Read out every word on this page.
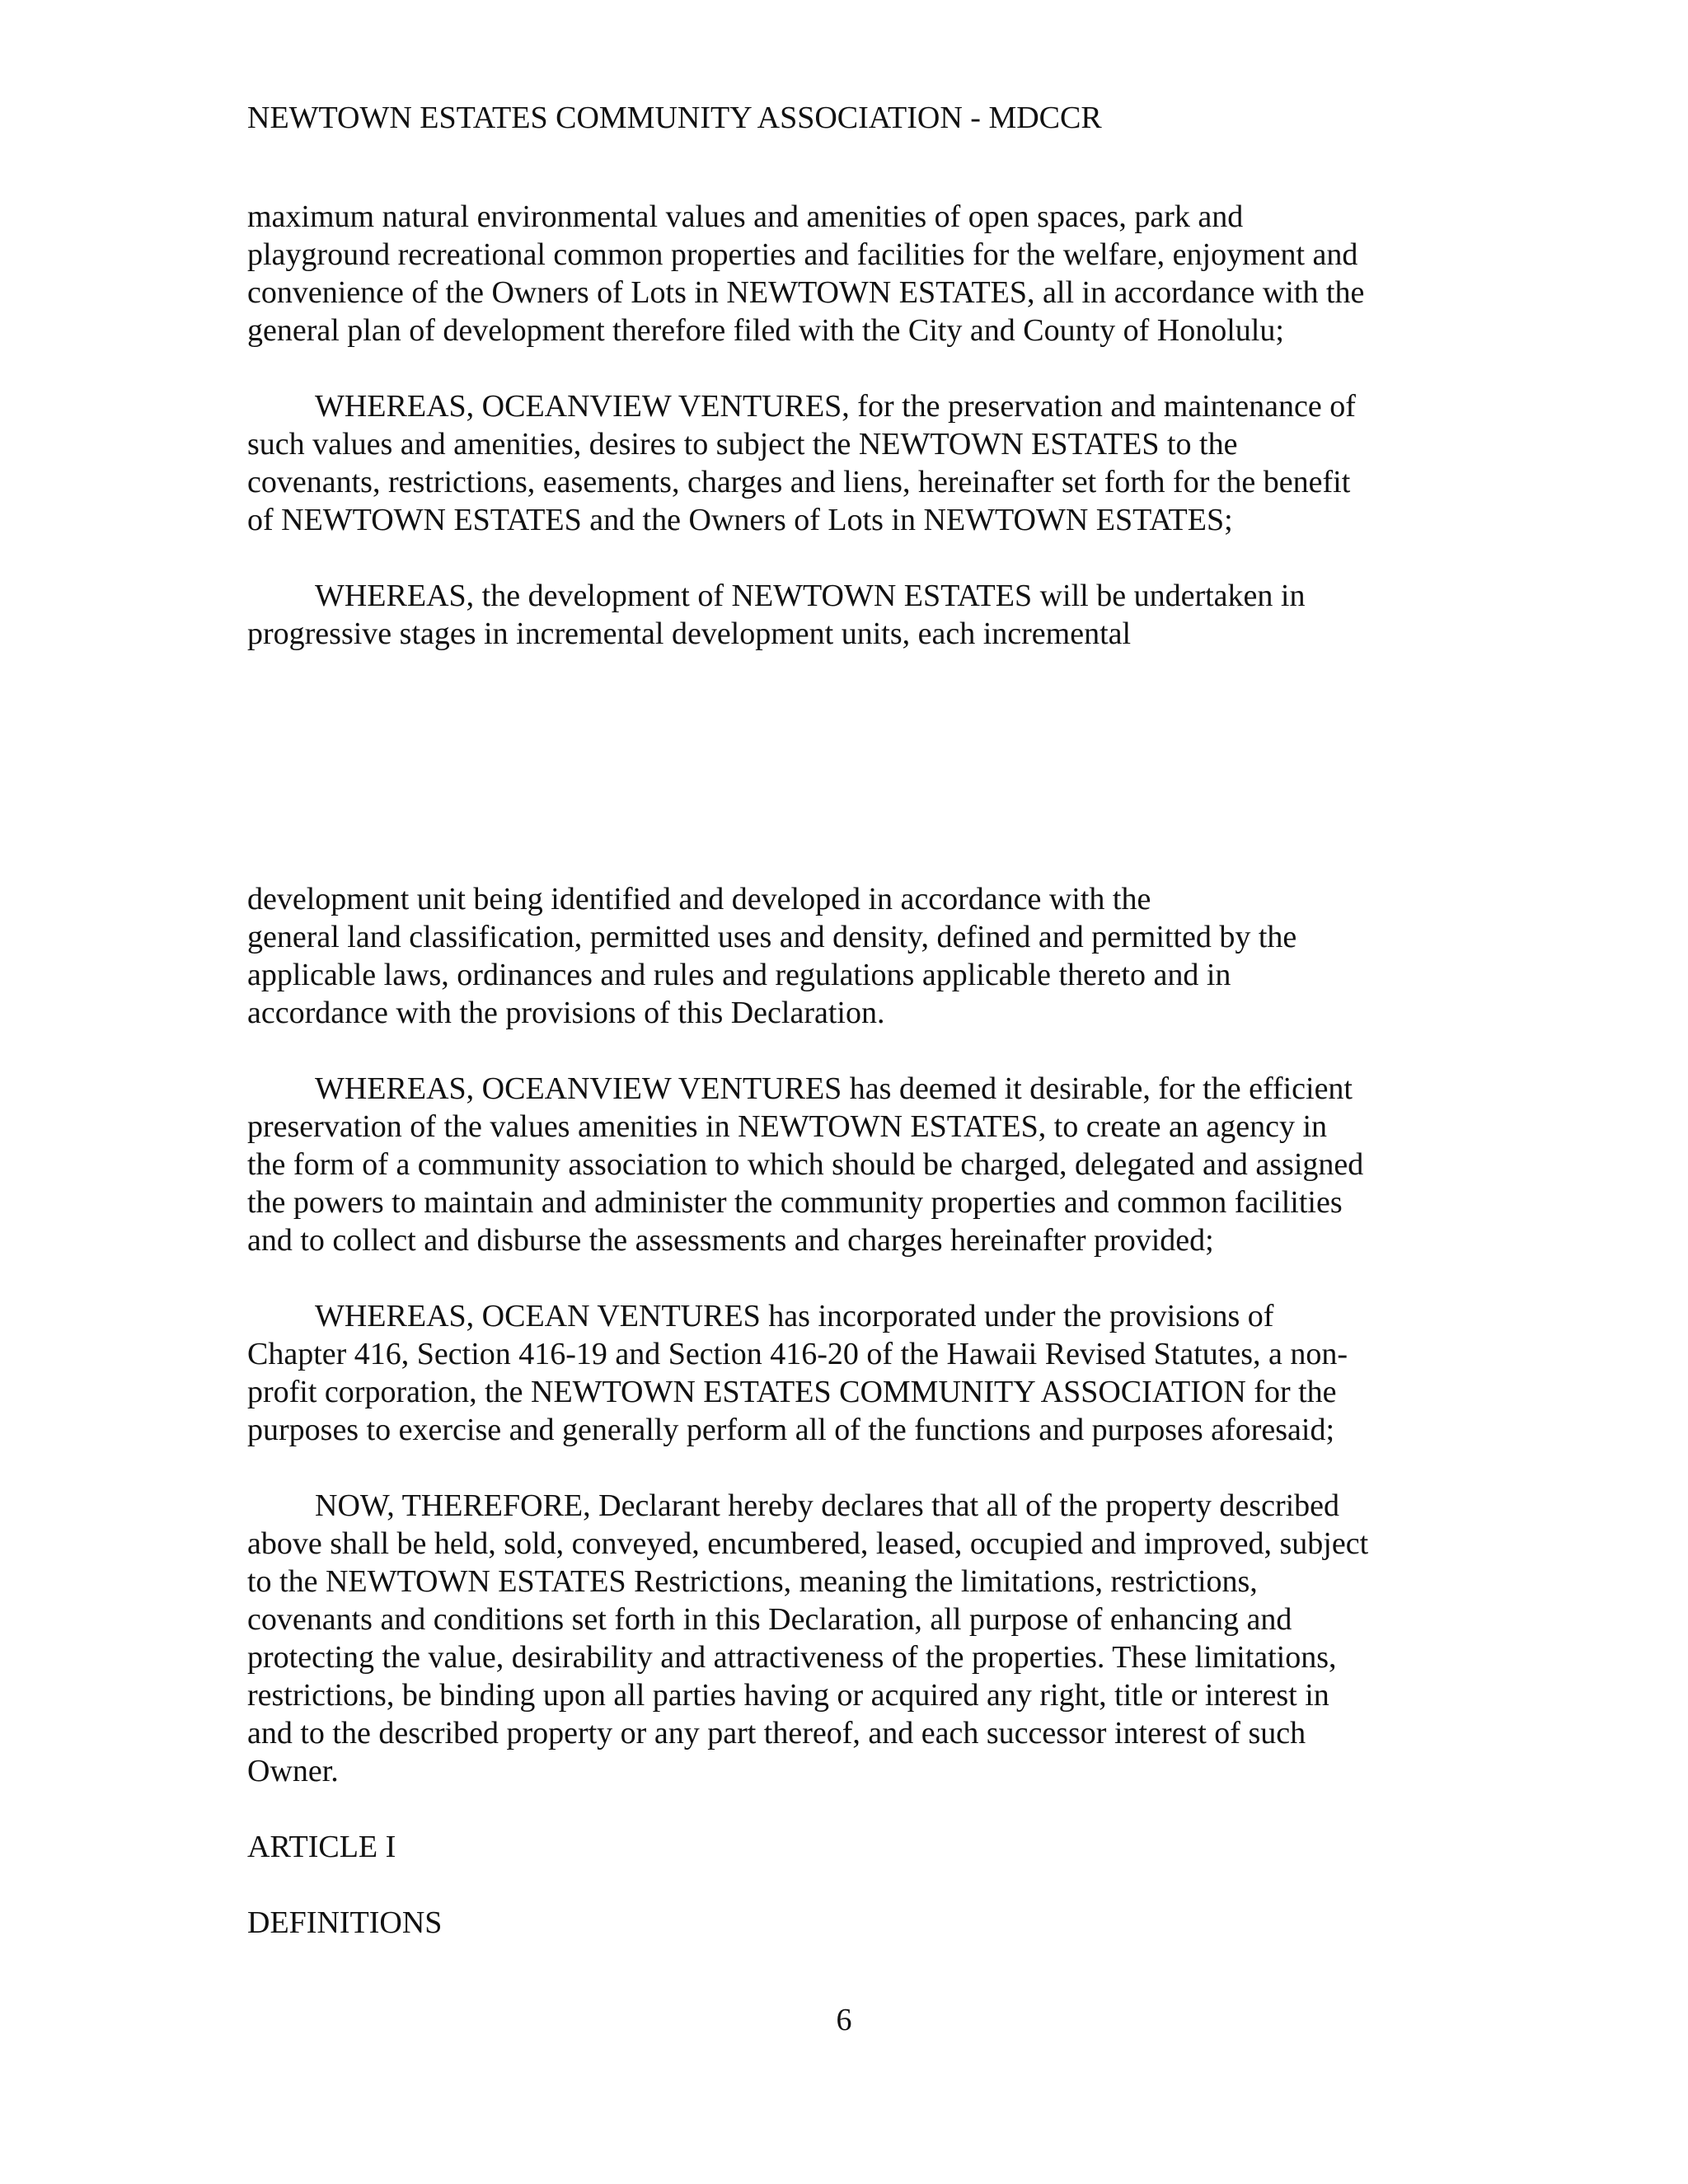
NEWTOWN ESTATES COMMUNITY ASSOCIATION - MDCCR
maximum natural environmental values and amenities of open spaces, park and
playground recreational common properties and facilities for the welfare, enjoyment and
convenience of the Owners of Lots in NEWTOWN ESTATES, all in accordance with the
general plan of development therefore filed with the City and County of Honolulu;
WHEREAS, OCEANVIEW VENTURES, for the preservation and maintenance of
such values and amenities, desires to subject the NEWTOWN ESTATES to the
covenants, restrictions, easements, charges and liens, hereinafter set forth for the benefit
of NEWTOWN ESTATES and the Owners of Lots in NEWTOWN ESTATES;
WHEREAS, the development of NEWTOWN ESTATES will be undertaken in
progressive stages in incremental development units, each incremental
development unit being identified and developed in accordance with the
general land classification, permitted uses and density, defined and permitted by the
applicable laws, ordinances and rules and regulations applicable thereto and in
accordance with the provisions of this Declaration.
WHEREAS, OCEANVIEW VENTURES has deemed it desirable, for the efficient
preservation of the values amenities in NEWTOWN ESTATES, to create an agency in
the form of a community association to which should be charged, delegated and assigned
the powers to maintain and administer the community properties and common facilities
and to collect and disburse the assessments and charges hereinafter provided;
WHEREAS, OCEAN VENTURES has incorporated under the provisions of
Chapter 416, Section 416-19 and Section 416-20 of the Hawaii Revised Statutes, a non-
profit corporation, the NEWTOWN ESTATES COMMUNITY ASSOCIATION for the
purposes to exercise and generally perform all of the functions and purposes aforesaid;
NOW, THEREFORE, Declarant hereby declares that all of the property described
above shall be held, sold, conveyed, encumbered, leased, occupied and improved, subject
to the NEWTOWN ESTATES Restrictions, meaning the limitations, restrictions,
covenants and conditions set forth in this Declaration, all purpose of enhancing and
protecting the value, desirability and attractiveness of the properties. These limitations,
restrictions, be binding upon all parties having or acquired any right, title or interest in
and to the described property or any part thereof, and each successor interest of such
Owner.
ARTICLE I
DEFINITIONS
6
